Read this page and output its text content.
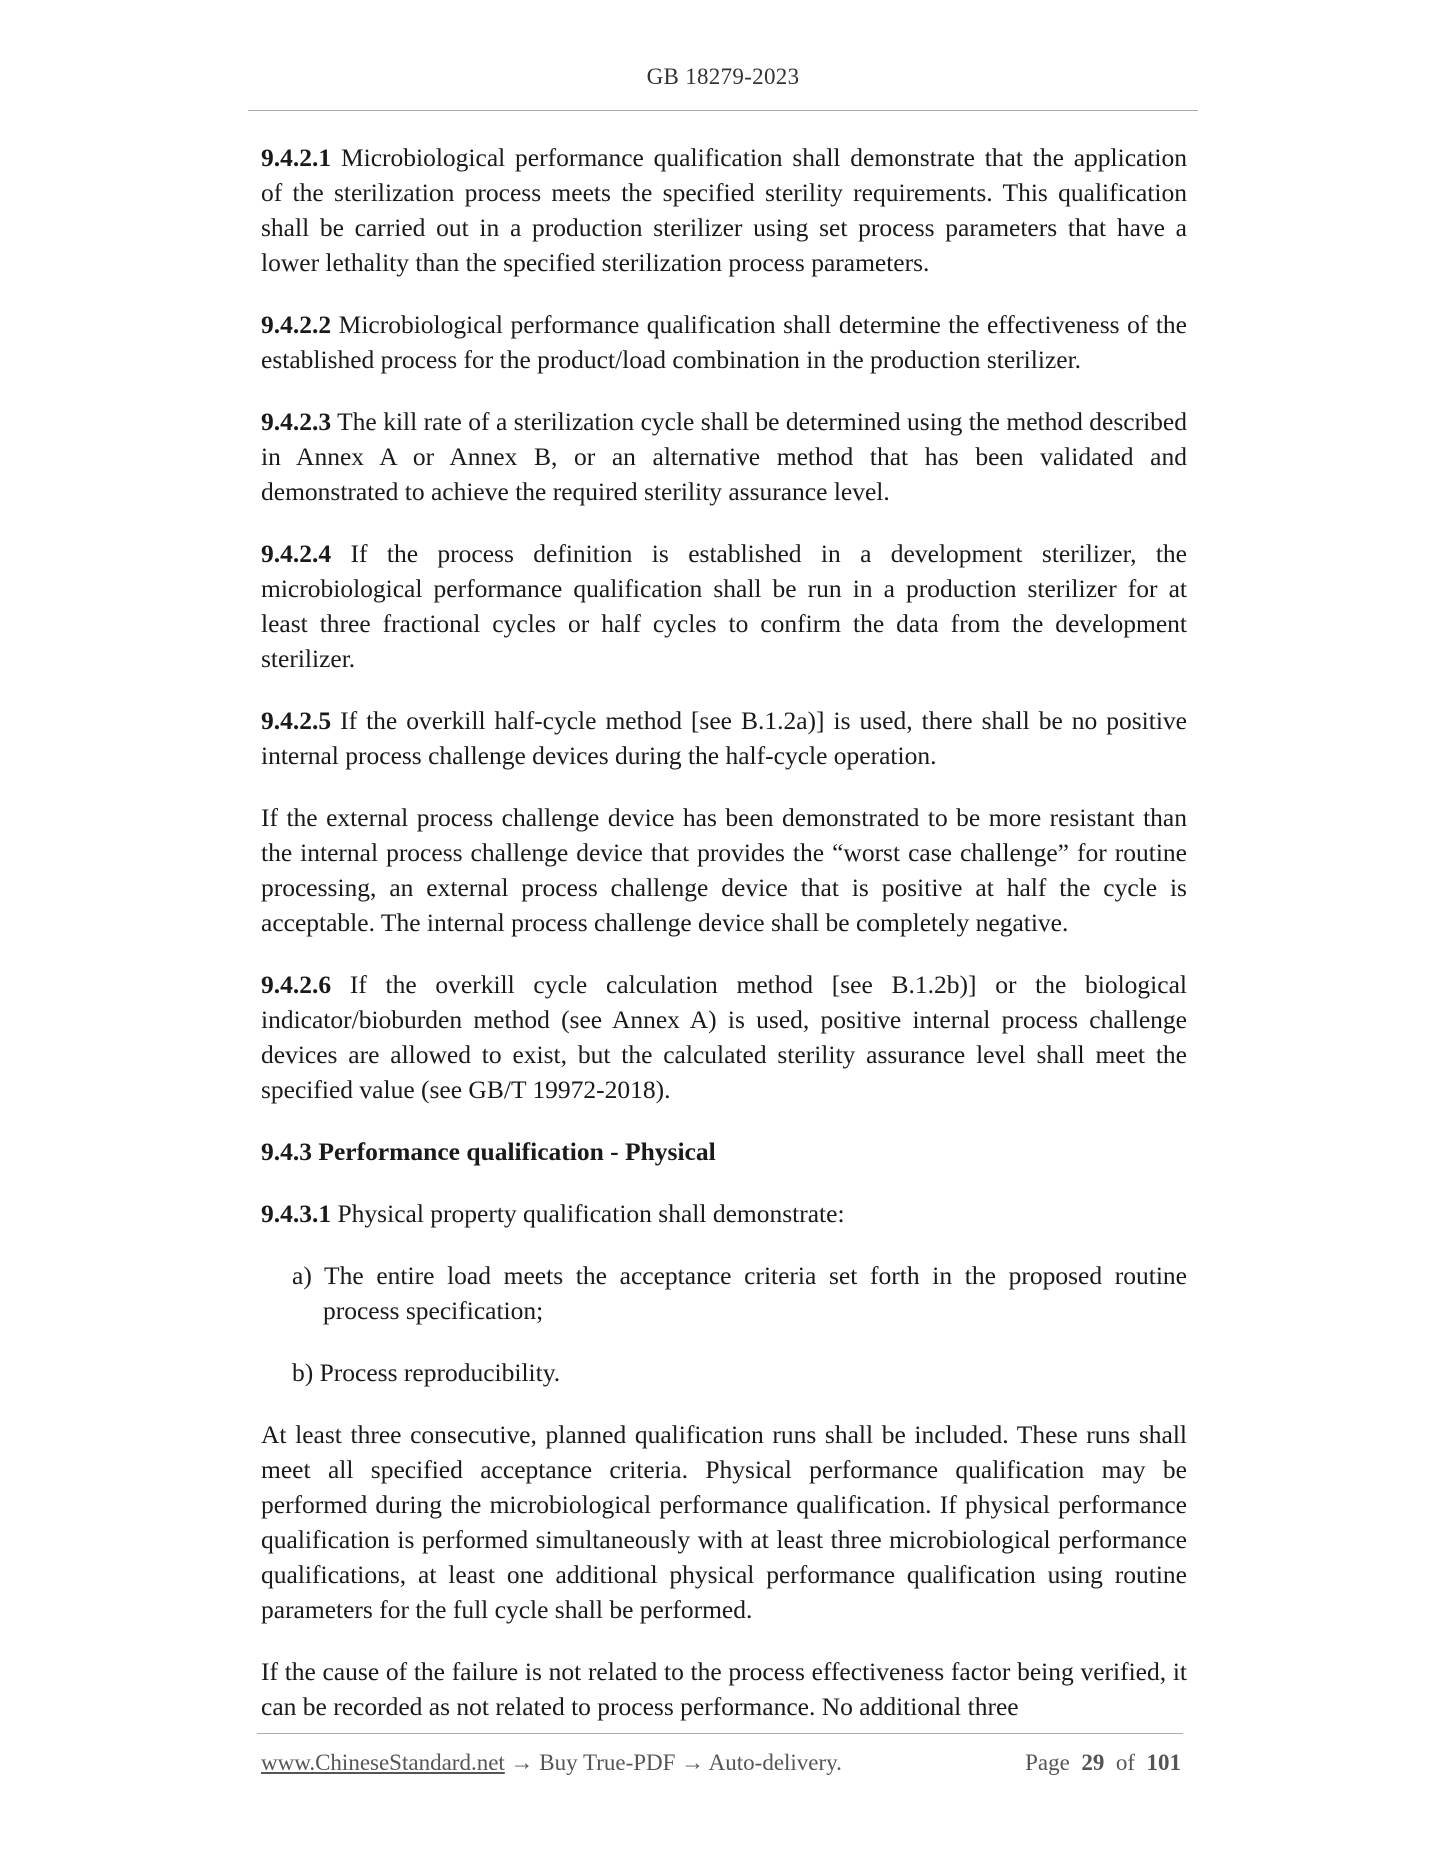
GB 18279-2023

9.4.2.1 Microbiological performance qualification shall demonstrate that the application of the sterilization process meets the specified sterility requirements. This qualification shall be carried out in a production sterilizer using set process parameters that have a lower lethality than the specified sterilization process parameters.

9.4.2.2 Microbiological performance qualification shall determine the effectiveness of the established process for the product/load combination in the production sterilizer.

9.4.2.3 The kill rate of a sterilization cycle shall be determined using the method described in Annex A or Annex B, or an alternative method that has been validated and demonstrated to achieve the required sterility assurance level.

9.4.2.4 If the process definition is established in a development sterilizer, the microbiological performance qualification shall be run in a production sterilizer for at least three fractional cycles or half cycles to confirm the data from the development sterilizer.

9.4.2.5 If the overkill half-cycle method [see B.1.2a)] is used, there shall be no positive internal process challenge devices during the half-cycle operation.

If the external process challenge device has been demonstrated to be more resistant than the internal process challenge device that provides the “worst case challenge” for routine processing, an external process challenge device that is positive at half the cycle is acceptable. The internal process challenge device shall be completely negative.

9.4.2.6 If the overkill cycle calculation method [see B.1.2b)] or the biological indicator/bioburden method (see Annex A) is used, positive internal process challenge devices are allowed to exist, but the calculated sterility assurance level shall meet the specified value (see GB/T 19972-2018).

9.4.3 Performance qualification - Physical

9.4.3.1 Physical property qualification shall demonstrate:

a) The entire load meets the acceptance criteria set forth in the proposed routine process specification;

b) Process reproducibility.

At least three consecutive, planned qualification runs shall be included. These runs shall meet all specified acceptance criteria. Physical performance qualification may be performed during the microbiological performance qualification. If physical performance qualification is performed simultaneously with at least three microbiological performance qualifications, at least one additional physical performance qualification using routine parameters for the full cycle shall be performed.

If the cause of the failure is not related to the process effectiveness factor being verified, it can be recorded as not related to process performance. No additional three

www.ChineseStandard.net → Buy True-PDF → Auto-delivery.	Page 29 of 101
